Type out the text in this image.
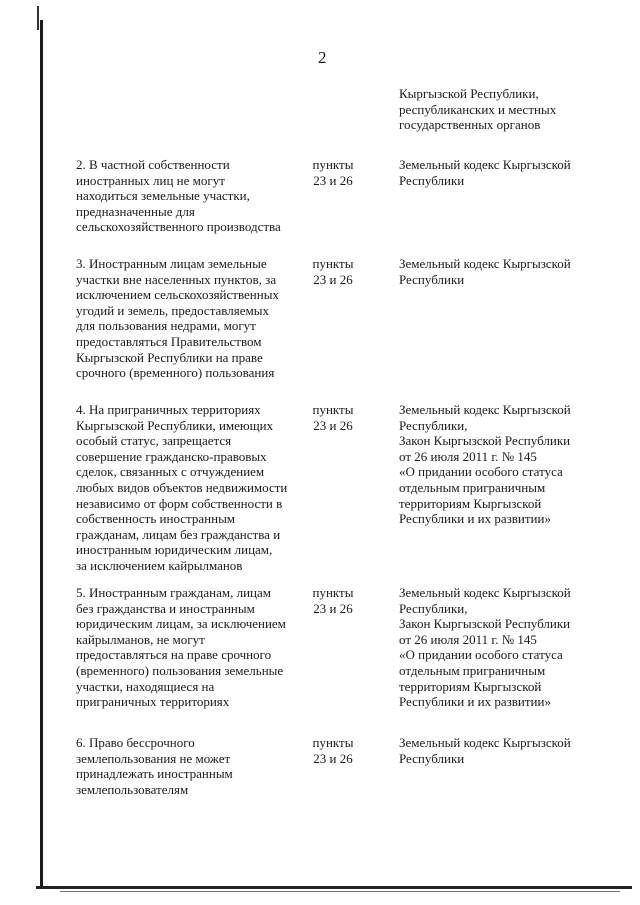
2
Кыргызской Республики,
республиканских и местных
государственных органов
2. В частной собственности
иностранных лиц не могут
находиться земельные участки,
предназначенные для
сельскохозяйственного производства
пункты
23 и 26
Земельный кодекс Кыргызской
Республики
3. Иностранным лицам земельные
участки вне населенных пунктов, за
исключением сельскохозяйственных
угодий и земель, предоставляемых
для пользования недрами, могут
предоставляться Правительством
Кыргызской Республики на праве
срочного (временного) пользования
пункты
23 и 26
Земельный кодекс Кыргызской
Республики
4. На приграничных территориях
Кыргызской Республики, имеющих
особый статус, запрещается
совершение гражданско-правовых
сделок, связанных с отчуждением
любых видов объектов недвижимости
независимо от форм собственности в
собственность иностранным
гражданам, лицам без гражданства и
иностранным юридическим лицам,
за исключением кайрылманов
пункты
23 и 26
Земельный кодекс Кыргызской
Республики,
Закон Кыргызской Республики
от 26 июля 2011 г. № 145
«О придании особого статуса
отдельным приграничным
территориям Кыргызской
Республики и их развитии»
5. Иностранным гражданам, лицам
без гражданства и иностранным
юридическим лицам, за исключением
кайрылманов, не могут
предоставляться на праве срочного
(временного) пользования земельные
участки, находящиеся на
приграничных территориях
пункты
23 и 26
Земельный кодекс Кыргызской
Республики,
Закон Кыргызской Республики
от 26 июля 2011 г. № 145
«О придании особого статуса
отдельным приграничным
территориям Кыргызской
Республики и их развитии»
6. Право бессрочного
землепользования не может
принадлежать иностранным
землепользователям
пункты
23 и 26
Земельный кодекс Кыргызской
Республики
